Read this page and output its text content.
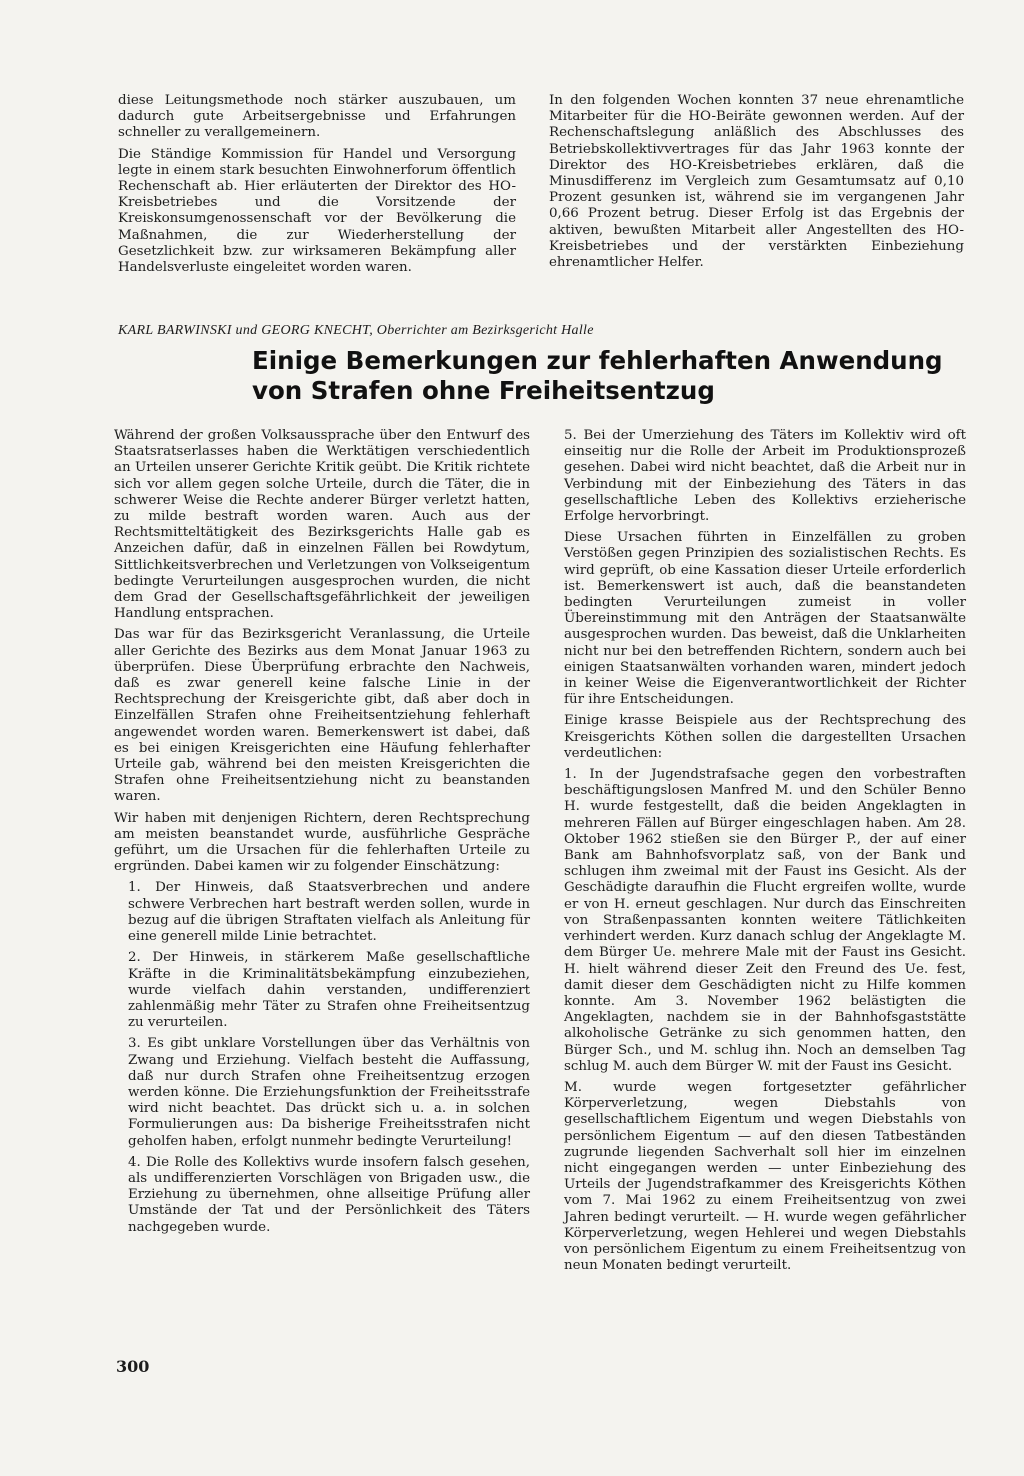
diese Leitungsmethode noch stärker auszubauen, um dadurch gute Arbeitsergebnisse und Erfahrungen schneller zu verallgemeinern.

Die Ständige Kommission für Handel und Versorgung legte in einem stark besuchten Einwohnerforum öffentlich Rechenschaft ab. Hier erläuterten der Direktor des HO-Kreisbetriebes und die Vorsitzende der Kreiskonsumgenossenschaft vor der Bevölkerung die Maßnahmen, die zur Wiederherstellung der Gesetzlichkeit bzw. zur wirksameren Bekämpfung aller Handelsverluste eingeleitet worden waren.

In den folgenden Wochen konnten 37 neue ehrenamtliche Mitarbeiter für die HO-Beiräte gewonnen werden. Auf der Rechenschaftslegung anläßlich des Abschlusses des Betriebskollektivvertrages für das Jahr 1963 konnte der Direktor des HO-Kreisbetriebes erklären, daß die Minusdifferenz im Vergleich zum Gesamtumsatz auf 0,10 Prozent gesunken ist, während sie im vergangenen Jahr 0,66 Prozent betrug. Dieser Erfolg ist das Ergebnis der aktiven, bewußten Mitarbeit aller Angestellten des HO-Kreisbetriebes und der verstärkten Einbeziehung ehrenamtlicher Helfer.

KARL BARWINSKI und GEORG KNECHT, Oberrichter am Bezirksgericht Halle
Einige Bemerkungen zur fehlerhaften Anwendung von Strafen ohne Freiheitsentzug

Während der großen Volksaussprache über den Entwurf des Staatsratserlasses haben die Werktätigen verschiedentlich an Urteilen unserer Gerichte Kritik geübt. Die Kritik richtete sich vor allem gegen solche Urteile, durch die Täter, die in schwerer Weise die Rechte anderer Bürger verletzt hatten, zu milde bestraft worden waren. Auch aus der Rechtsmitteltätigkeit des Bezirksgerichts Halle gab es Anzeichen dafür, daß in einzelnen Fällen bei Rowdytum, Sittlichkeitsverbrechen und Verletzungen von Volkseigentum bedingte Verurteilungen ausgesprochen wurden, die nicht dem Grad der Gesellschaftsgefährlichkeit der jeweiligen Handlung entsprachen.

Das war für das Bezirksgericht Veranlassung, die Urteile aller Gerichte des Bezirks aus dem Monat Januar 1963 zu überprüfen. Diese Überprüfung erbrachte den Nachweis, daß es zwar generell keine falsche Linie in der Rechtsprechung der Kreisgerichte gibt, daß aber doch in Einzelfällen Strafen ohne Freiheitsentziehung fehlerhaft angewendet worden waren. Bemerkenswert ist dabei, daß es bei einigen Kreisgerichten eine Häufung fehlerhafter Urteile gab, während bei den meisten Kreisgerichten die Strafen ohne Freiheitsentziehung nicht zu beanstanden waren.

Wir haben mit denjenigen Richtern, deren Rechtsprechung am meisten beanstandet wurde, ausführliche Gespräche geführt, um die Ursachen für die fehlerhaften Urteile zu ergründen. Dabei kamen wir zu folgender Einschätzung:

1. Der Hinweis, daß Staatsverbrechen und andere schwere Verbrechen hart bestraft werden sollen, wurde in bezug auf die übrigen Straftaten vielfach als Anleitung für eine generell milde Linie betrachtet.

2. Der Hinweis, in stärkerem Maße gesellschaftliche Kräfte in die Kriminalitätsbekämpfung einzubeziehen, wurde vielfach dahin verstanden, undifferenziert zahlenmäßig mehr Täter zu Strafen ohne Freiheitsentzug zu verurteilen.

3. Es gibt unklare Vorstellungen über das Verhältnis von Zwang und Erziehung. Vielfach besteht die Auffassung, daß nur durch Strafen ohne Freiheitsentzug erzogen werden könne. Die Erziehungsfunktion der Freiheitsstrafe wird nicht beachtet. Das drückt sich u. a. in solchen Formulierungen aus: Da bisherige Freiheitsstrafen nicht geholfen haben, erfolgt nunmehr bedingte Verurteilung!

4. Die Rolle des Kollektivs wurde insofern falsch gesehen, als undifferenzierten Vorschlägen von Brigaden usw., die Erziehung zu übernehmen, ohne allseitige Prüfung aller Umstände der Tat und der Persönlichkeit des Täters nachgegeben wurde.

5. Bei der Umerziehung des Täters im Kollektiv wird oft einseitig nur die Rolle der Arbeit im Produktionsprozeß gesehen. Dabei wird nicht beachtet, daß die Arbeit nur in Verbindung mit der Einbeziehung des Täters in das gesellschaftliche Leben des Kollektivs erzieherische Erfolge hervorbringt.

Diese Ursachen führten in Einzelfällen zu groben Verstößen gegen Prinzipien des sozialistischen Rechts. Es wird geprüft, ob eine Kassation dieser Urteile erforderlich ist. Bemerkenswert ist auch, daß die beanstandeten bedingten Verurteilungen zumeist in voller Übereinstimmung mit den Anträgen der Staatsanwälte ausgesprochen wurden. Das beweist, daß die Unklarheiten nicht nur bei den betreffenden Richtern, sondern auch bei einigen Staatsanwälten vorhanden waren, mindert jedoch in keiner Weise die Eigenverantwortlichkeit der Richter für ihre Entscheidungen.

Einige krasse Beispiele aus der Rechtsprechung des Kreisgerichts Köthen sollen die dargestellten Ursachen verdeutlichen:

1. In der Jugendstrafsache gegen den vorbestraften beschäftigungslosen Manfred M. und den Schüler Benno H. wurde festgestellt, daß die beiden Angeklagten in mehreren Fällen auf Bürger eingeschlagen haben. Am 28. Oktober 1962 stießen sie den Bürger P., der auf einer Bank am Bahnhofsvorplatz saß, von der Bank und schlugen ihm zweimal mit der Faust ins Gesicht. Als der Geschädigte daraufhin die Flucht ergreifen wollte, wurde er von H. erneut geschlagen. Nur durch das Einschreiten von Straßenpassanten konnten weitere Tätlichkeiten verhindert werden. Kurz danach schlug der Angeklagte M. dem Bürger Ue. mehrere Male mit der Faust ins Gesicht. H. hielt während dieser Zeit den Freund des Ue. fest, damit dieser dem Geschädigten nicht zu Hilfe kommen konnte. Am 3. November 1962 belästigten die Angeklagten, nachdem sie in der Bahnhofsgaststätte alkoholische Getränke zu sich genommen hatten, den Bürger Sch., und M. schlug ihn. Noch an demselben Tag schlug M. auch dem Bürger W. mit der Faust ins Gesicht.

M. wurde wegen fortgesetzter gefährlicher Körperverletzung, wegen Diebstahls von gesellschaftlichem Eigentum und wegen Diebstahls von persönlichem Eigentum — auf den diesen Tatbeständen zugrunde liegenden Sachverhalt soll hier im einzelnen nicht eingegangen werden — unter Einbeziehung des Urteils der Jugendstrafkammer des Kreisgerichts Köthen vom 7. Mai 1962 zu einem Freiheitsentzug von zwei Jahren bedingt verurteilt. — H. wurde wegen gefährlicher Körperverletzung, wegen Hehlerei und wegen Diebstahls von persönlichem Eigentum zu einem Freiheitsentzug von neun Monaten bedingt verurteilt.

300
